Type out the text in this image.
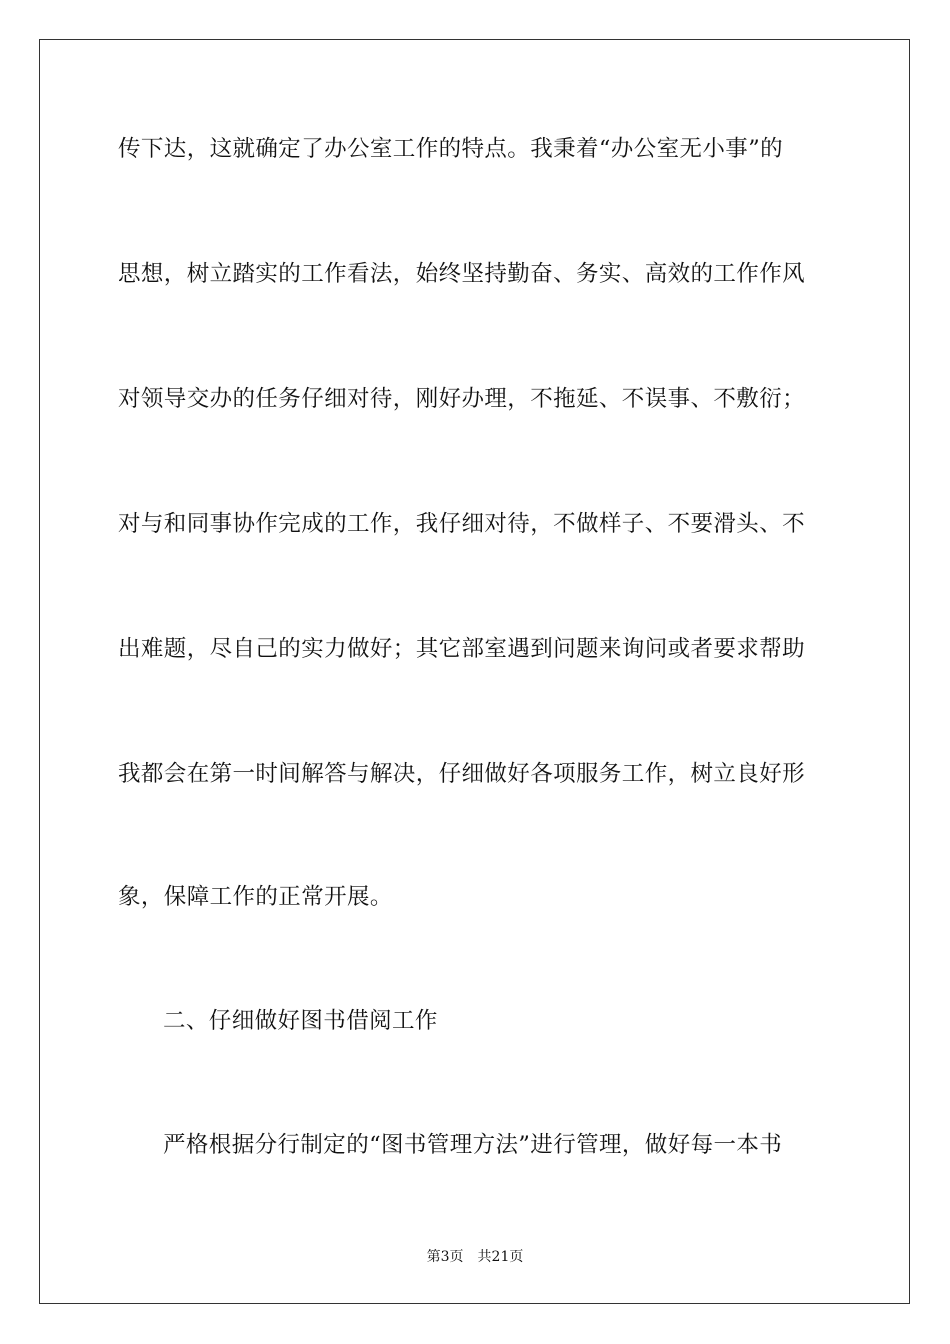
传下达，这就确定了办公室工作的特点。我秉着“办公室无小事”的
思想，树立踏实的工作看法，始终坚持勤奋、务实、高效的工作作风
对领导交办的任务仔细对待，刚好办理，不拖延、不误事、不敷衍；
对与和同事协作完成的工作，我仔细对待，不做样子、不要滑头、不
出难题，尽自己的实力做好；其它部室遇到问题来询问或者要求帮助
我都会在第一时间解答与解决，仔细做好各项服务工作，树立良好形
象，保障工作的正常开展。
二、仔细做好图书借阅工作
严格根据分行制定的“图书管理方法”进行管理，做好每一本书
第3页 共21页
